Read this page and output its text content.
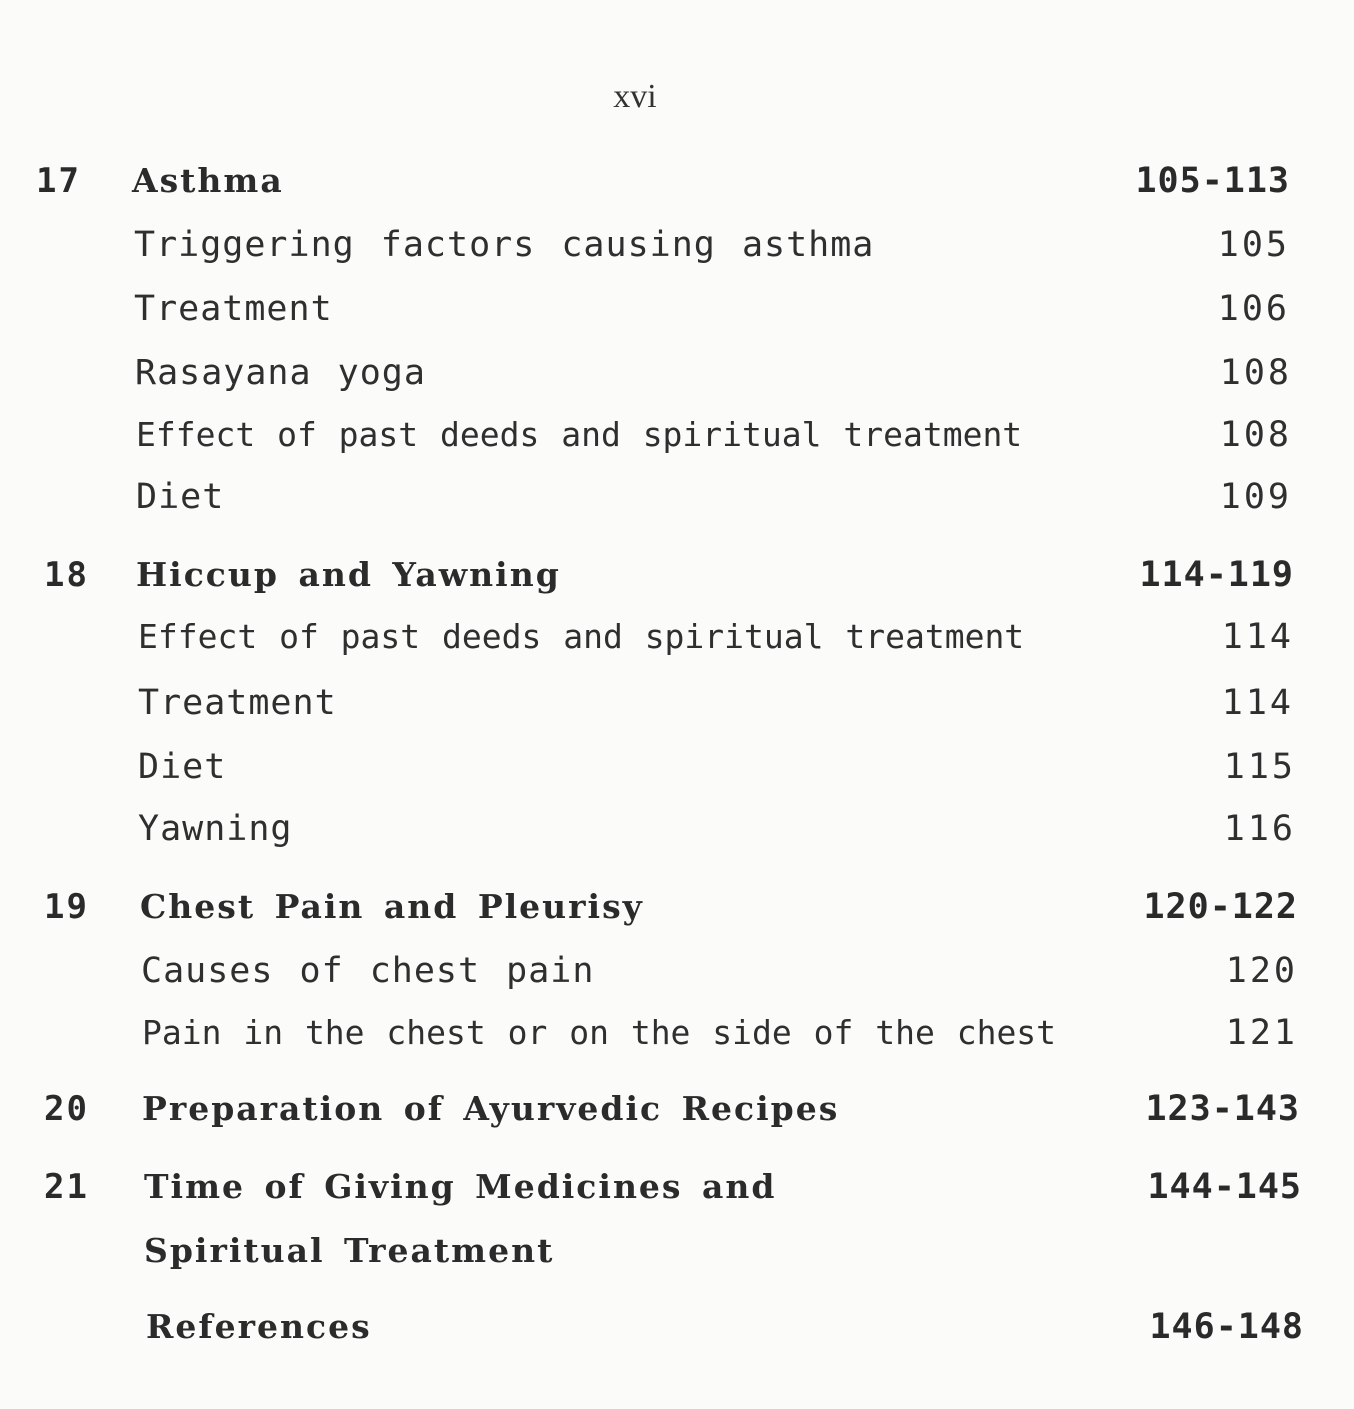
xvi
17 Asthma	105-113
Triggering factors causing asthma	105
Treatment	106
Rasayana yoga	108
Effect of past deeds and spiritual treatment	108
Diet	109
18 Hiccup and Yawning	114-119
Effect of past deeds and spiritual treatment	114
Treatment	114
Diet	115
Yawning	116
19 Chest Pain and Pleurisy	120-122
Causes of chest pain	120
Pain in the chest or on the side of the chest	121
20 Preparation of Ayurvedic Recipes	123-143
21 Time of Giving Medicines and	144-145
Spiritual Treatment
References	146-148
